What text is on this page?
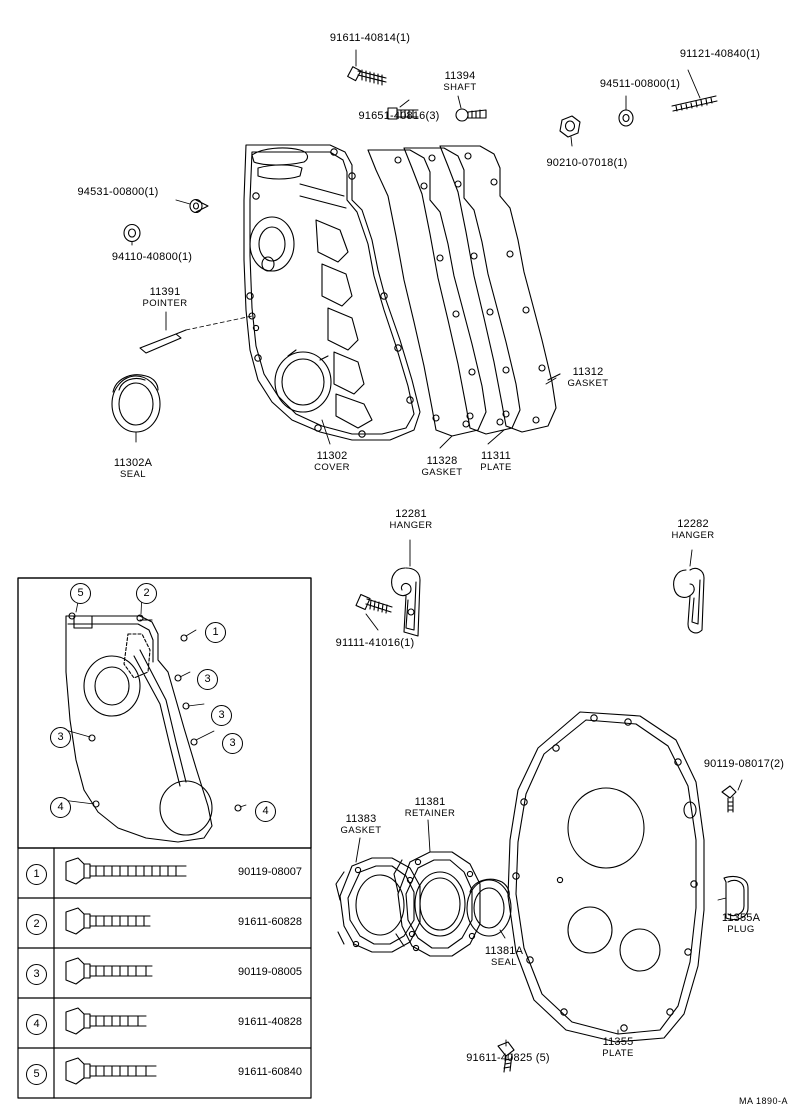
91611-40814(1)
11394
SHAFT
91121-40840(1)
94511-00800(1)
91651-40816(3)
90210-07018(1)
94531-00800(1)
94110-40800(1)
11391
POINTER
11312
GASKET
11302A
SEAL
11302
COVER
11328
GASKET
11311
PLATE
12281
HANGER	12282
HANGER
91111-41016(1)
90119-08017(2)
11381
RETAINER
11383
GASKET
11355A
PLUG
11381A
SEAL
11355
PLATE
91611-40825 (5)
5	2
1
3
3
3
3
4	4
1	90119-08007
2	91611-60828
3	90119-08005
4	91611-40828
5	91611-60840
MA 1890-A
